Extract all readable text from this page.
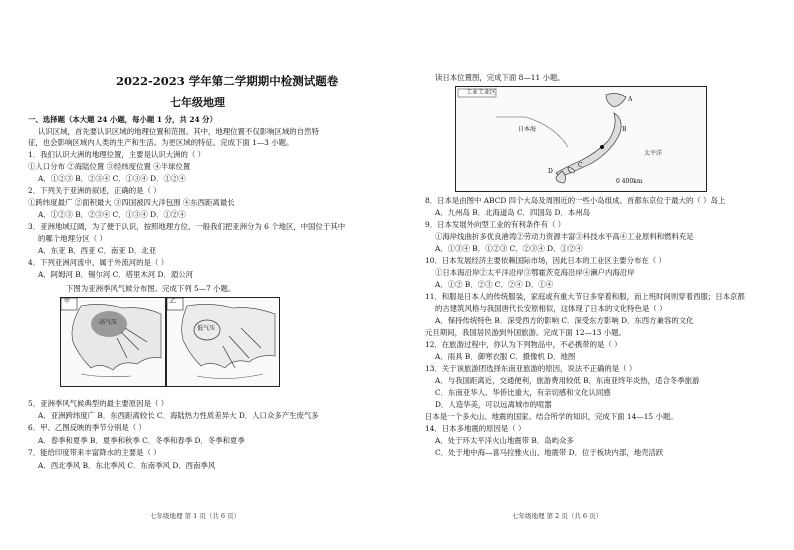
2022-2023 学年第二学期期中检测试题卷
七年级地理
一、选择题（本大题 24 小题，每小题 1 分，共 24 分）
认识区域，首先要认识区域的地理位置和范围。其中，地理位置不仅影响区域的自然特
征，也会影响区域内人类的生产和生活。为更区域的特征。完成下面 1—3 小题。
1．我们认识大洲的地理位置，主要是认识大洲的（ ）
①人口分布 ②海陆位置 ③经纬度位置 ④半球位置
A．①②③ B．②③④ C．①③④ D．①②④
2．下列关于亚洲的叙述，正确的是（ ）
①跨纬度最广 ②面积最大 ③四国被四大洋包围 ④东西距离最长
A．①②③ B．②③④ C．①③④ D．①②④
3．亚洲地域辽阔，为了便于认识，按照地理方位，一般我们把亚洲分为 6 个地区，中国位于其中
的哪个地理分区（ ）
A．东亚 B．西亚 C．南亚 D．北亚
4．下列亚洲河流中，属于外流河的是（ ）
A．阿姆河 B．锡尔河 C．塔里木河 D．湄公河
下图为亚洲季风气候分布图。完成下列 5—7 小题。
甲
高气压
乙
低气压
5．亚洲季风气候典型的最主要原因是（ ）
A．亚洲跨纬度广 B．东西距离较长 C．海陆热力性质差异大 D．人口众多产生废气多
6．甲、乙图反映的季节分别是（ ）
A．春季和夏季 B．夏季和秋季 C．冬季和春季 D．冬季和夏季
7．能给印度带来丰富降水的主要是（ ）
A．西北季风 B．东北季风 C．东南季风 D．西南季风
七年级地理 第 1 页（共 6 页）
读日本位置图，完成下面 8—11 小题。
工业工业区
0 400km
日本海
太平洋
A
B
C
D
8．日本是由图中 ABCD 四个大岛及周围近的一些小岛组成。首都东京位于最大的（ ）岛上
A．九州岛 B．北海道岛 C．四国岛 D．本州岛
9．日本发展外向型工业的有利条件有（ ）
①海岸线曲折多优良港湾②劳动力资源丰富③科技水平高④工业原料和燃料充足
A．①③④ B．①②③ C．②③④ D．①②④
10．日本发展经济主要依赖国际市场，因此日本的工业区主要分布在（ ）
①日本海沿岸②太平洋沿岸③鄂霍茨克海沿岸④濑户内海沿岸
A．①② B．②③ C．②④ D．①④
11．和服是日本人的传统服装，家庭或有重大节日多穿着和服，而上班时间则穿着西服；日本京都
的古建筑风格与我国唐代长安原相似，这体现了日本的文化特色是（ ）
A．保持传统特色 B．深受西方的影响 C．深受东方影响 D．东西方兼容的文化
元旦期间，我国居民游到外国旅游。完成下面 12—13 小题。
12．在旅游过程中，你认为下列物品中，不必携带的是（ ）
A．雨具 B．御寒衣服 C．摄像机 D．地图
13．关于该旅游团选择东南亚旅游的原因，说法不正确的是（ ）
A．与我国距离近，交通便利，旅游费用较低 B．东南亚终年炎热，适合冬季旅游
C．东南亚华人、华侨比重大，有亲切感和文化认同感
D．人造华美，可以远离城市的喧嚣
日本是一个多火山、地震的国家。结合所学的知识，完成下面 14—15 小题。
14．日本多地震的原因是（ ）
A．处于环太平洋火山地震带 B．岛屿众多
C．处于地中海—喜马拉雅火山、地震带 D．位于板块内部，地壳活跃
七年级地理 第 2 页（共 6 页）
